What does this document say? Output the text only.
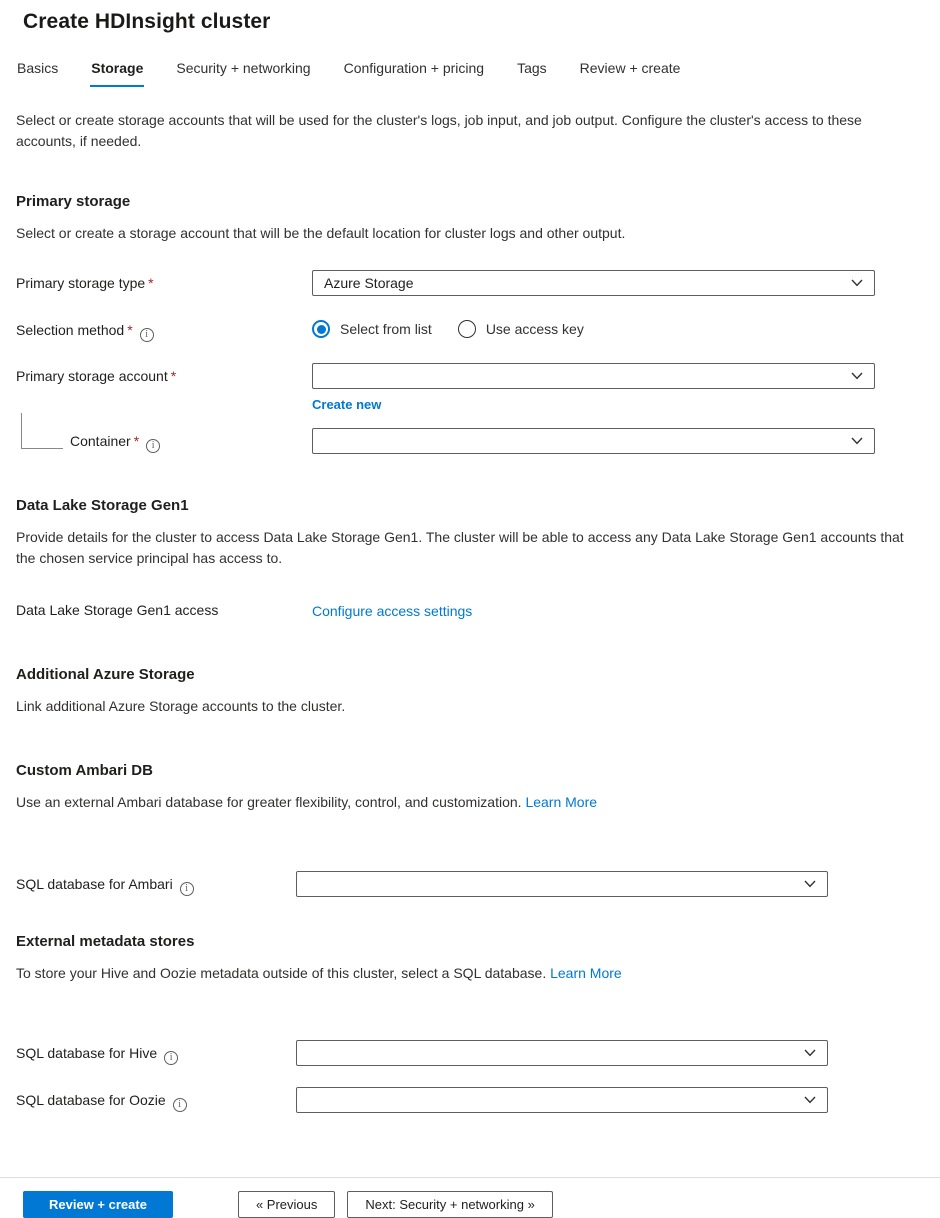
Create HDInsight cluster
Basics Storage Security + networking Configuration + pricing Tags Review + create

Select or create storage accounts that will be used for the cluster's logs, job input, and job output. Configure the cluster's access to these accounts, if needed.

Primary storage

Select or create a storage account that will be the default location for cluster logs and other output.

Primary storage type *	Azure Storage
Selection method * i	Select from list	Use access key
Primary storage account *
Create new
Container * i
Data Lake Storage Gen1

Provide details for the cluster to access Data Lake Storage Gen1. The cluster will be able to access any Data Lake Storage Gen1 accounts that the chosen service principal has access to.

Data Lake Storage Gen1 access	Configure access settings
Additional Azure Storage

Link additional Azure Storage accounts to the cluster.

Custom Ambari DB

Use an external Ambari database for greater flexibility, control, and customization. Learn More

SQL database for Ambari i
External metadata stores

To store your Hive and Oozie metadata outside of this cluster, select a SQL database. Learn More

SQL database for Hive i
SQL database for Oozie i
Review + create	« Previous	Next: Security + networking »
